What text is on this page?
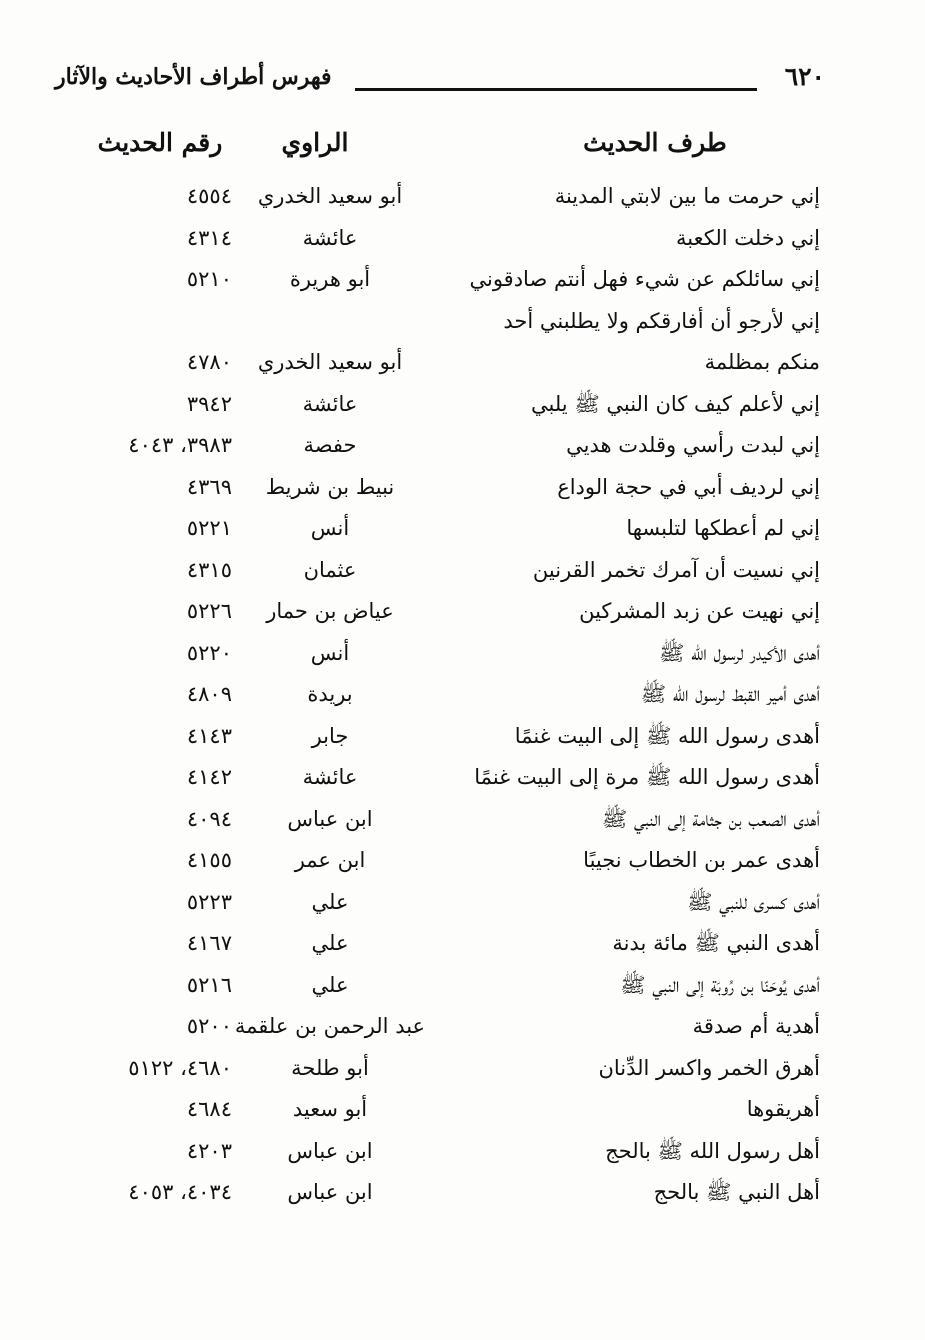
٦٢٠
فهرس أطراف الأحاديث والآثار
طرف الحديث
الراوي
رقم الحديث
إني حرمت ما بين لابتي المدينة
أبو سعيد الخدري
٤٥٥٤
إني دخلت الكعبة
عائشة
٤٣١٤
إني سائلكم عن شيء فهل أنتم صادقوني
أبو هريرة
٥٢١٠
إني لأرجو أن أفارقكم ولا يطلبني أحد
منكم بمظلمة
أبو سعيد الخدري
٤٧٨٠
إني لأعلم كيف كان النبي ﷺ يلبي
عائشة
٣٩٤٢
إني لبدت رأسي وقلدت هديي
حفصة
٣٩٨٣، ٤٠٤٣
إني لرديف أبي في حجة الوداع
نبيط بن شريط
٤٣٦٩
إني لم أعطكها لتلبسها
أنس
٥٢٢١
إني نسيت أن آمرك تخمر القرنين
عثمان
٤٣١٥
إني نهيت عن زبد المشركين
عياض بن حمار
٥٢٢٦
أهدى الأكيدر لرسول الله ﷺ
أنس
٥٢٢٠
أهدى أمير القبط لرسول الله ﷺ
بريدة
٤٨٠٩
أهدى رسول الله ﷺ إلى البيت غنمًا
جابر
٤١٤٣
أهدى رسول الله ﷺ مرة إلى البيت غنمًا
عائشة
٤١٤٢
أهدى الصعب بن جثامة إلى النبي ﷺ
ابن عباس
٤٠٩٤
أهدى عمر بن الخطاب نجيبًا
ابن عمر
٤١٥٥
أهدى كسرى للنبي ﷺ
علي
٥٢٢٣
أهدى النبي ﷺ مائة بدنة
علي
٤١٦٧
أهدى يُوحَنّا بن رُوبَة إلى النبي ﷺ
علي
٥٢١٦
أهدية أم صدقة
عبد الرحمن بن علقمة
٥٢٠٠
أهرق الخمر واكسر الدِّنان
أبو طلحة
٤٦٨٠، ٥١٢٢
أهريقوها
أبو سعيد
٤٦٨٤
أهل رسول الله ﷺ بالحج
ابن عباس
٤٢٠٣
أهل النبي ﷺ بالحج
ابن عباس
٤٠٣٤، ٤٠٥٣
